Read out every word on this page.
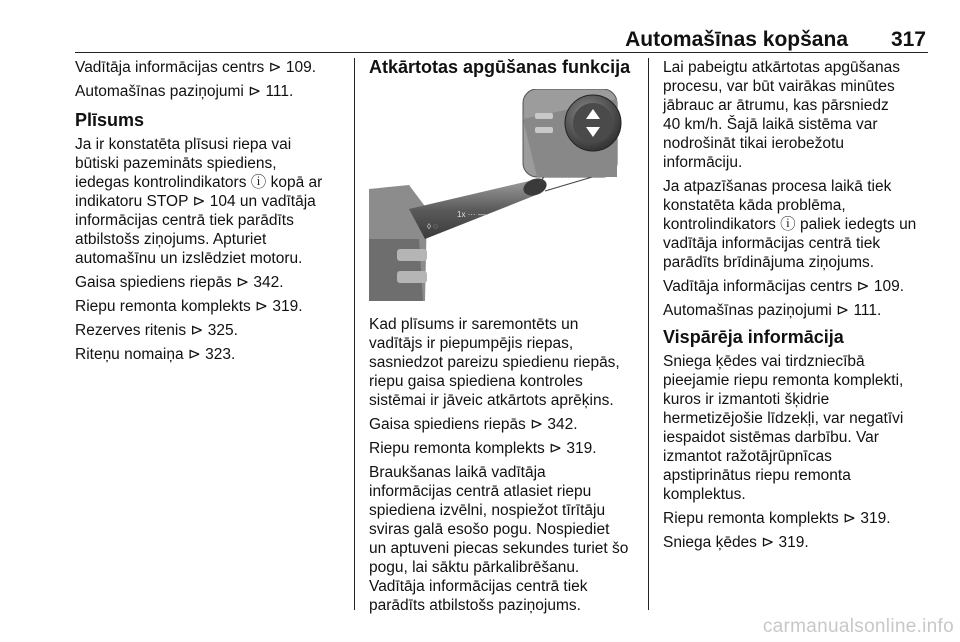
Automašīnas kopšana 317

Vadītāja informācijas centrs ⊳ 109.

Automašīnas paziņojumi ⊳ 111.

Plīsums

Ja ir konstatēta plīsusi riepa vai
būtiski pazemināts spiediens,
iedegas kontrolindikators ⓘ kopā ar
indikatoru STOP ⊳ 104 un vadītāja
informācijas centrā tiek parādīts
atbilstošs ziņojums. Apturiet
automašīnu un izslēdziet motoru.

Gaisa spiediens riepās ⊳ 342.

Riepu remonta komplekts ⊳ 319.

Rezerves ritenis ⊳ 325.

Riteņu nomaiņa ⊳ 323.

Atkārtotas apgūšanas funkcija
1x ··· —
◊ ◌

Kad plīsums ir saremontēts un
vadītājs ir piepumpējis riepas,
sasniedzot pareizu spiedienu riepās,
riepu gaisa spiediena kontroles
sistēmai ir jāveic atkārtots aprēķins.

Gaisa spiediens riepās ⊳ 342.

Riepu remonta komplekts ⊳ 319.

Braukšanas laikā vadītāja
informācijas centrā atlasiet riepu
spiediena izvēlni, nospiežot tīrītāju
sviras galā esošo pogu. Nospiediet
un aptuveni piecas sekundes turiet šo
pogu, lai sāktu pārkalibrēšanu.
Vadītāja informācijas centrā tiek
parādīts atbilstošs paziņojums.

Lai pabeigtu atkārtotas apgūšanas
procesu, var būt vairākas minūtes
jābrauc ar ātrumu, kas pārsniedz
40 km/h. Šajā laikā sistēma var
nodrošināt tikai ierobežotu
informāciju.

Ja atpazīšanas procesa laikā tiek
konstatēta kāda problēma,
kontrolindikators ⓘ paliek iedegts un
vadītāja informācijas centrā tiek
parādīts brīdinājuma ziņojums.

Vadītāja informācijas centrs ⊳ 109.

Automašīnas paziņojumi ⊳ 111.

Vispārēja informācija

Sniega ķēdes vai tirdzniecībā
pieejamie riepu remonta komplekti,
kuros ir izmantoti šķidrie
hermetizējošie līdzekļi, var negatīvi
iespaidot sistēmas darbību. Var
izmantot ražotājrūpnīcas
apstiprinātus riepu remonta
komplektus.

Riepu remonta komplekts ⊳ 319.

Sniega ķēdes ⊳ 319.

carmanualsonline.info
